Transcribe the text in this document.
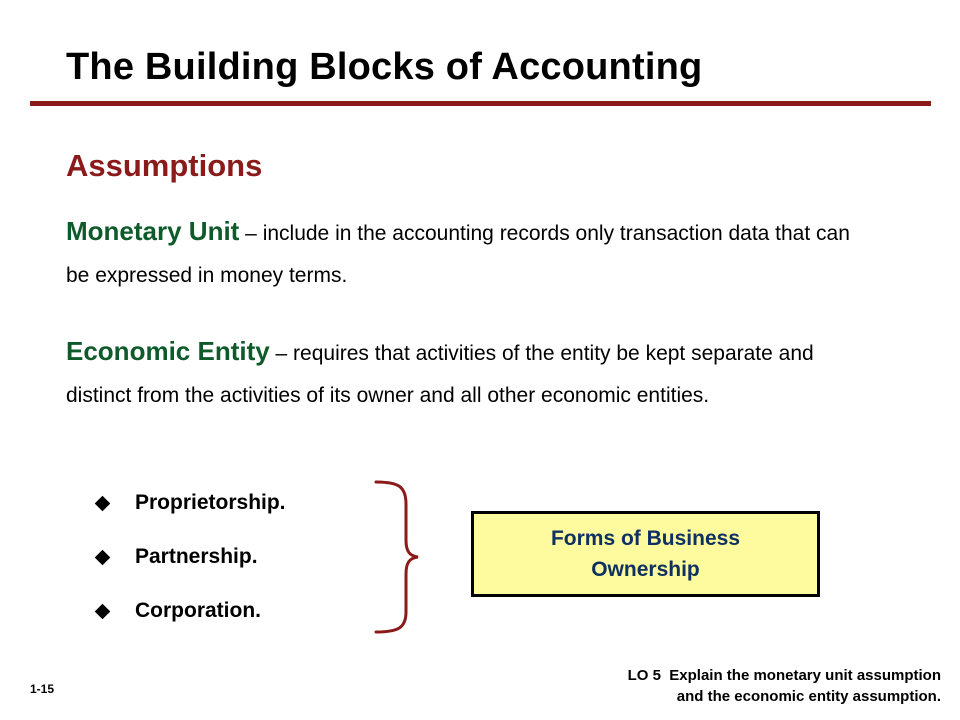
The Building Blocks of Accounting
Assumptions
Monetary Unit – include in the accounting records only transaction data that can be expressed in money terms.
Economic Entity – requires that activities of the entity be kept separate and distinct from the activities of its owner and all other economic entities.
Proprietorship.
Partnership.
Corporation.
Forms of Business
Ownership
1-15
LO 5  Explain the monetary unit assumption
and the economic entity assumption.
